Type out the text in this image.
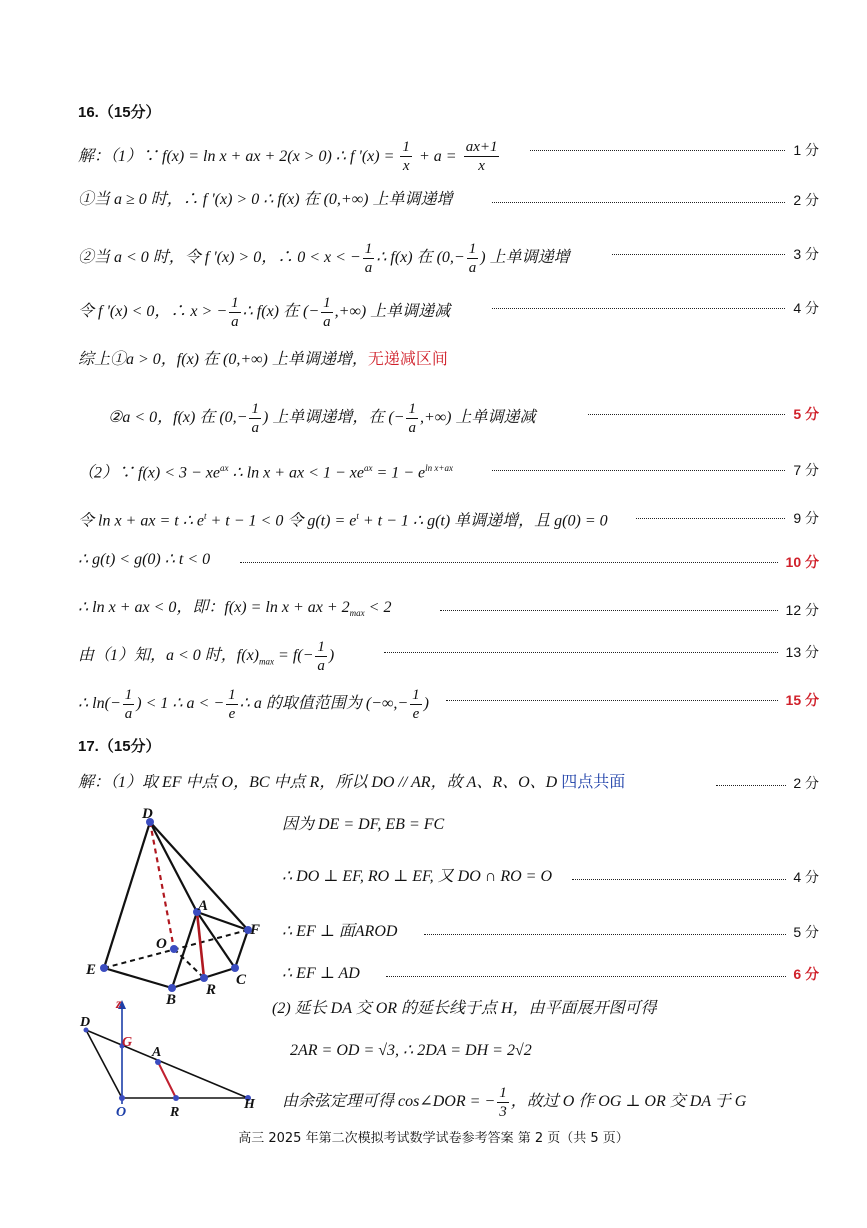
16.（15分）
解：（1）∵ f(x) = ln x + ax + 2(x > 0) ∴ f '$(x) = \frac{1}{x} + a = \frac{ax+1}{x}$	1 分
①当 a ≥ 0 时，∴ f '(x) > 0 ∴ f(x) 在 (0,+∞) 上单调递增	2 分
②当 a < 0 时，令 f '(x) > 0，∴ 0 < x < − $\frac{1}{a}$ ∴ f(x) 在 ($0,- \frac{1}{a}$ ) 上单调递增	3 分
令 f '(x) < 0，∴ x > − $\frac{1}{a}$ ∴ f(x) 在 (− $\frac{1}{a}$ ,+∞) 上单调递减	4 分
综上①a > 0，f(x) 在 (0,+∞) 上单调递增，无递减区间
②a < 0，f(x) 在 ($0,- \frac{1}{a}$ ) 上单调递增，在 (− $\frac{1}{a}$ ,+∞) 上单调递减	5 分
（2）∵ $f(x) < 3 - xe^{ax}$ ∴ ln x + ax < $1 - xe^{ax} = 1 - e^{ln x+ax}$	7 分
令 ln x + ax = t ∴ $e^t + t - 1 < 0$ 令 $g(t) = e^t + t - 1$ ∴ g(t) 单调递增，且 g(0) = 0	9 分
∴ g(t) < g(0) ∴ t < 0	10 分
∴ ln x + ax < 0，即：f(x) = ln x + ax + $2_{max} < 2$	12 分
由（1）知，a < 0 时，$f(x)_{max} = f(- \frac{1}{a}$ )	13 分
∴ $\ln(- \frac{1}{a}$ ) < 1 ∴ a < − $\frac{1}{e}$ ∴ a 的取值范围为 (−∞,− $\frac{1}{e}$ )	15 分
17.（15分）
解：（1）取 EF 中点 O，BC 中点 R，所以 DO // AR，故 A、R、O、D 四点共面	2 分
因为 DE = DF, EB = FC
∴ DO ⊥ EF, RO ⊥ EF, 又 DO ∩ RO = O	4 分
∴ EF ⊥ 面AROD	5 分
∴ EF ⊥ AD	6 分
(2) 延长 DA 交 OR 的延长线于点 H，由平面展开图可得
2AR = OD = √3, ∴ 2DA = DH = 2√2
由余弦定理可得 cos∠DOR = − $\frac{1}{3}$ ，故过 O 作 OG ⊥ OR 交 DA 于 G
D
A
F
O
E
C
B
R
z
D
G
A
O	R
H
高三 2025 年第二次模拟考试数学试卷参考答案 第 2 页（共 5 页）
